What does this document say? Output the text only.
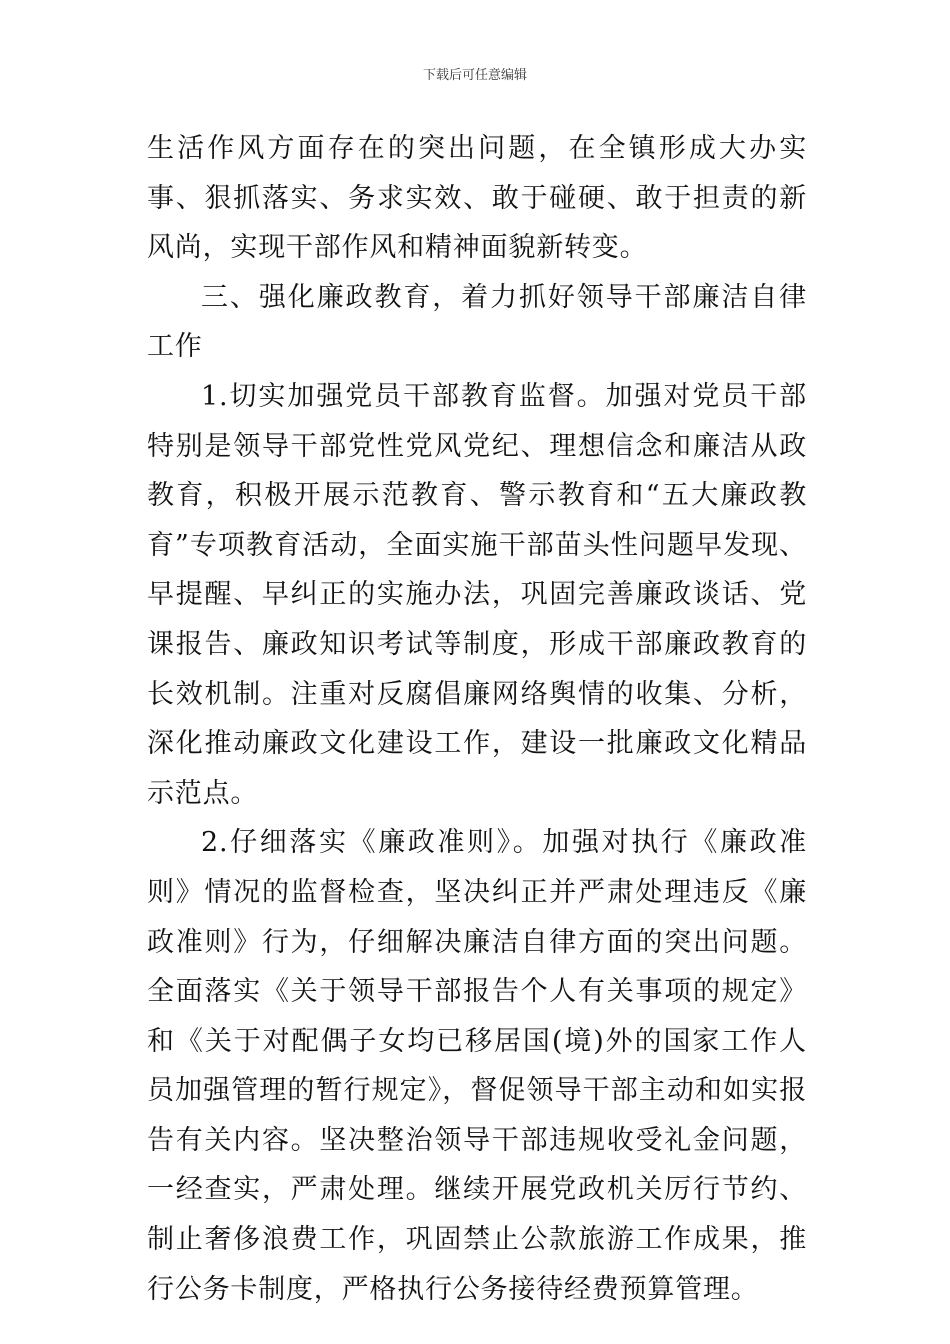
下载后可任意编辑

生活作风方面存在的突出问题，在全镇形成大办实事、狠抓落实、务求实效、敢于碰硬、敢于担责的新风尚，实现干部作风和精神面貌新转变。

三、强化廉政教育，着力抓好领导干部廉洁自律工作

1.切实加强党员干部教育监督。加强对党员干部特别是领导干部党性党风党纪、理想信念和廉洁从政教育，积极开展示范教育、警示教育和“五大廉政教育”专项教育活动，全面实施干部苗头性问题早发现、早提醒、早纠正的实施办法，巩固完善廉政谈话、党课报告、廉政知识考试等制度，形成干部廉政教育的长效机制。注重对反腐倡廉网络舆情的收集、分析，深化推动廉政文化建设工作，建设一批廉政文化精品示范点。

2.仔细落实《廉政准则》。加强对执行《廉政准则》情况的监督检查，坚决纠正并严肃处理违反《廉政准则》行为，仔细解决廉洁自律方面的突出问题。全面落实《关于领导干部报告个人有关事项的规定》和《关于对配偶子女均已移居国(境)外的国家工作人员加强管理的暂行规定》，督促领导干部主动和如实报告有关内容。坚决整治领导干部违规收受礼金问题，一经查实，严肃处理。继续开展党政机关厉行节约、制止奢侈浪费工作，巩固禁止公款旅游工作成果，推行公务卡制度，严格执行公务接待经费预算管理。
